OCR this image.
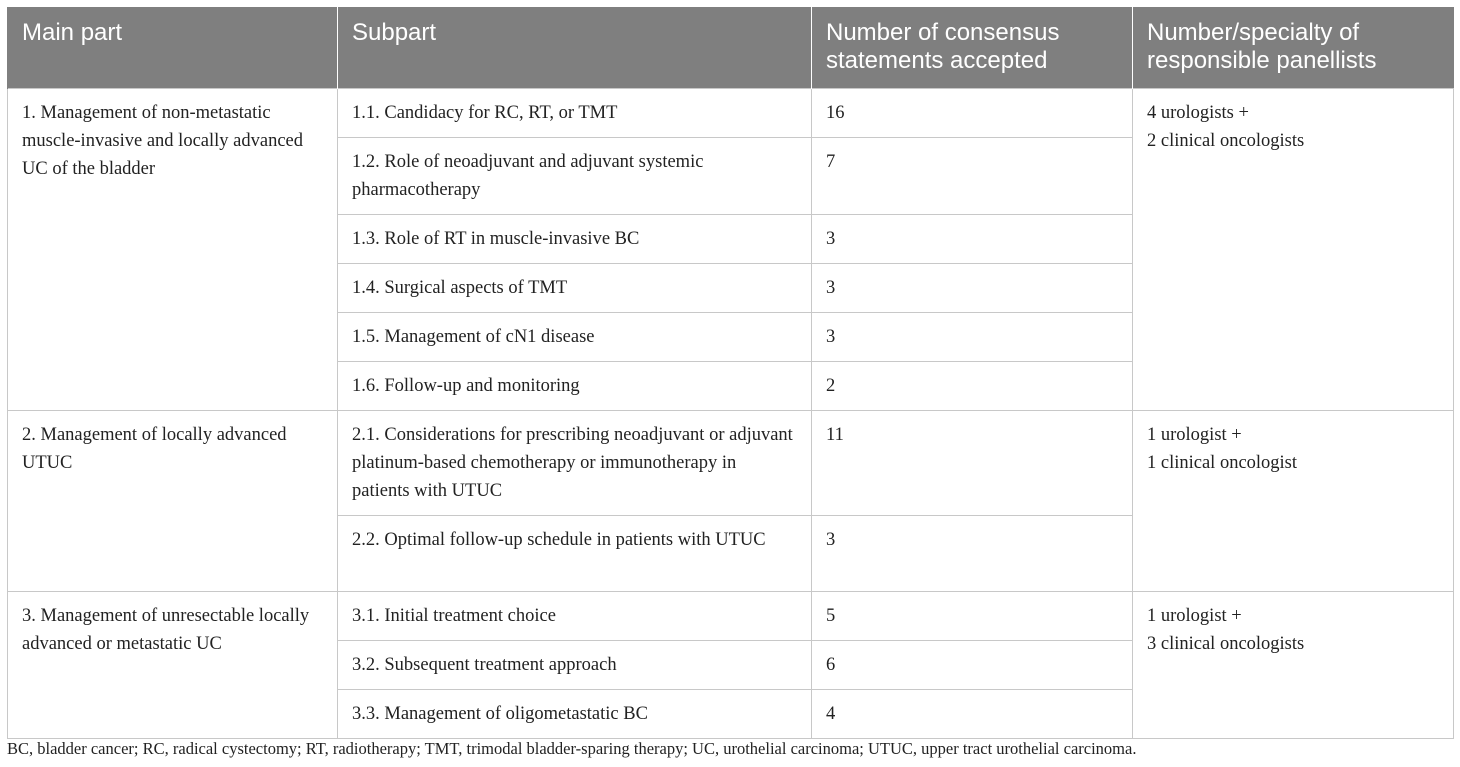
Main part	Subpart	Number of consensus statements accepted	Number/specialty of responsible panellists
1. Management of non-metastatic muscle-invasive and locally advanced UC of the bladder	1.1. Candidacy for RC, RT, or TMT	16	4 urologists +
2 clinical oncologists

	1.2. Role of neoadjuvant and adjuvant systemic pharmacotherapy	7	
	1.3. Role of RT in muscle-invasive BC	3	
	1.4. Surgical aspects of TMT	3	
	1.5. Management of cN1 disease	3	
	1.6. Follow-up and monitoring	2	
2. Management of locally advanced UTUC	2.1. Considerations for prescribing neoadjuvant or adjuvant platinum-based chemotherapy or immunotherapy in patients with UTUC	11	1 urologist +
1 clinical oncologist

	2.2. Optimal follow-up schedule in patients with UTUC	3	
3. Management of unresectable locally advanced or metastatic UC	3.1. Initial treatment choice	5	1 urologist +
3 clinical oncologists

	3.2. Subsequent treatment approach	6	
	3.3. Management of oligometastatic BC	4	
BC, bladder cancer; RC, radical cystectomy; RT, radiotherapy; TMT, trimodal bladder-sparing therapy; UC, urothelial carcinoma; UTUC, upper tract urothelial carcinoma.
